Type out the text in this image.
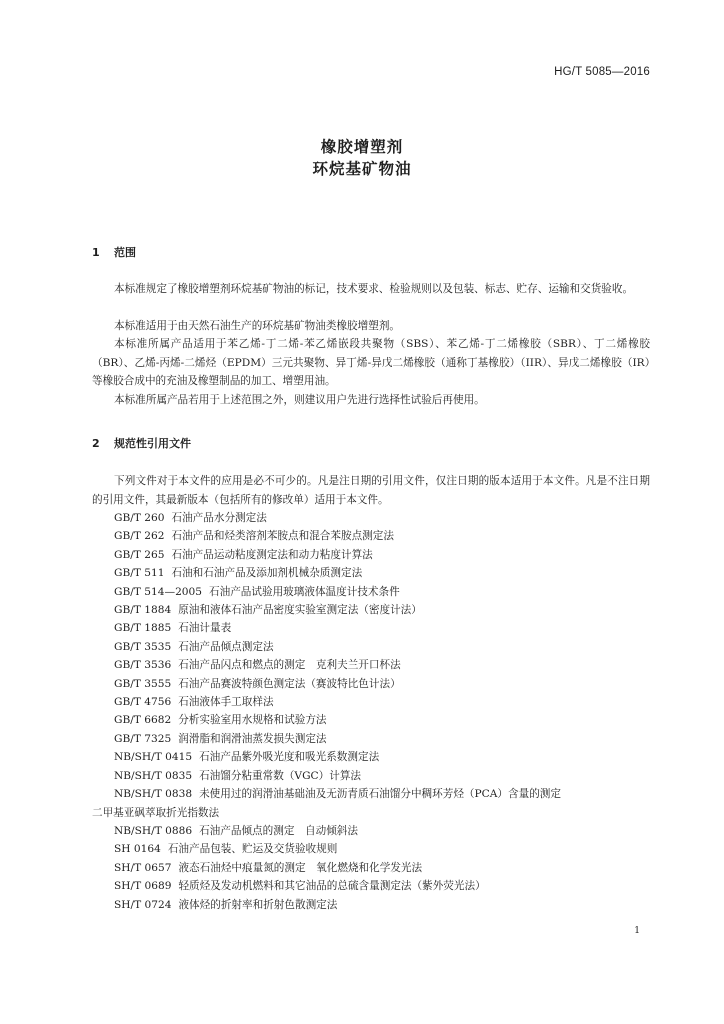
HG/T 5085—2016
橡胶增塑剂
环烷基矿物油
1 范围

本标准规定了橡胶增塑剂环烷基矿物油的标记，技术要求、检验规则以及包装、标志、贮存、运输和交货验收。

本标准适用于由天然石油生产的环烷基矿物油类橡胶增塑剂。

本标准所属产品适用于苯乙烯-丁二烯-苯乙烯嵌段共聚物（SBS）、苯乙烯-丁二烯橡胶（SBR）、丁二烯橡胶（BR）、乙烯-丙烯-二烯烃（EPDM）三元共聚物、异丁烯-异戊二烯橡胶（通称丁基橡胶）（IIR）、异戊二烯橡胶（IR）等橡胶合成中的充油及橡塑制品的加工、增塑用油。

本标准所属产品若用于上述范围之外，则建议用户先进行选择性试验后再使用。

2 规范性引用文件

下列文件对于本文件的应用是必不可少的。凡是注日期的引用文件，仅注日期的版本适用于本文件。凡是不注日期的引用文件，其最新版本（包括所有的修改单）适用于本文件。

GB/T 260 石油产品水分测定法
GB/T 262 石油产品和烃类溶剂苯胺点和混合苯胺点测定法
GB/T 265 石油产品运动粘度测定法和动力粘度计算法
GB/T 511 石油和石油产品及添加剂机械杂质测定法
GB/T 514—2005 石油产品试验用玻璃液体温度计技术条件
GB/T 1884 原油和液体石油产品密度实验室测定法（密度计法）
GB/T 1885 石油计量表
GB/T 3535 石油产品倾点测定法
GB/T 3536 石油产品闪点和燃点的测定　克利夫兰开口杯法
GB/T 3555 石油产品赛波特颜色测定法（赛波特比色计法）
GB/T 4756 石油液体手工取样法
GB/T 6682 分析实验室用水规格和试验方法
GB/T 7325 润滑脂和润滑油蒸发损失测定法
NB/SH/T 0415 石油产品紫外吸光度和吸光系数测定法
NB/SH/T 0835 石油馏分粘重常数（VGC）计算法
NB/SH/T 0838 未使用过的润滑油基础油及无沥青质石油馏分中稠环芳烃（PCA）含量的测定
二甲基亚砜萃取折光指数法
NB/SH/T 0886 石油产品倾点的测定　自动倾斜法
SH 0164 石油产品包装、贮运及交货验收规则
SH/T 0657 液态石油烃中痕量氮的测定　氧化燃烧和化学发光法
SH/T 0689 轻质烃及发动机燃料和其它油品的总硫含量测定法（紫外荧光法）
SH/T 0724 液体烃的折射率和折射色散测定法
1
